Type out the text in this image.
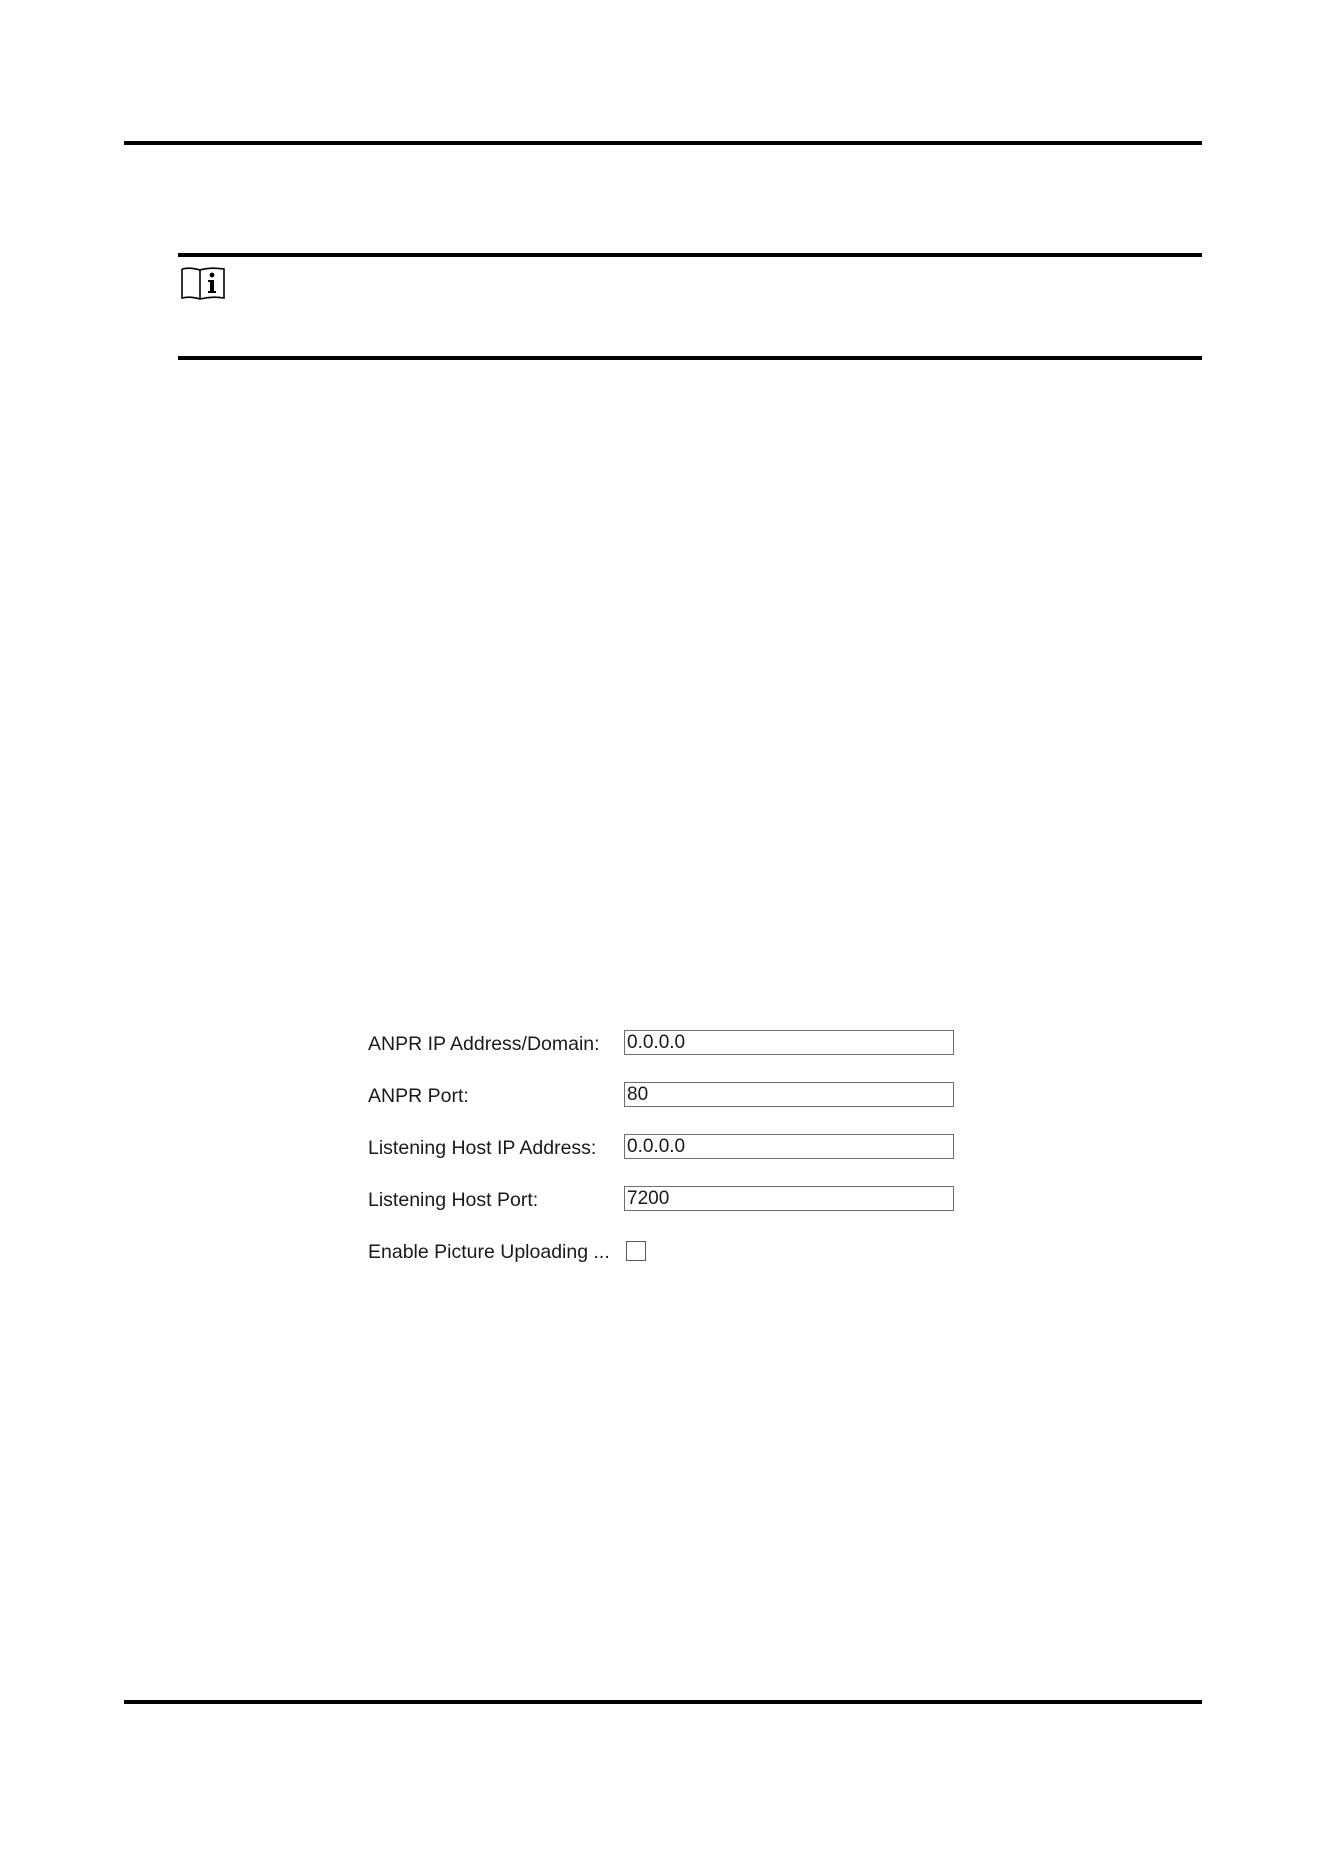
ANPR IP Address/Domain:
0.0.0.0
ANPR Port:
80
Listening Host IP Address:
0.0.0.0
Listening Host Port:
7200
Enable Picture Uploading ...
